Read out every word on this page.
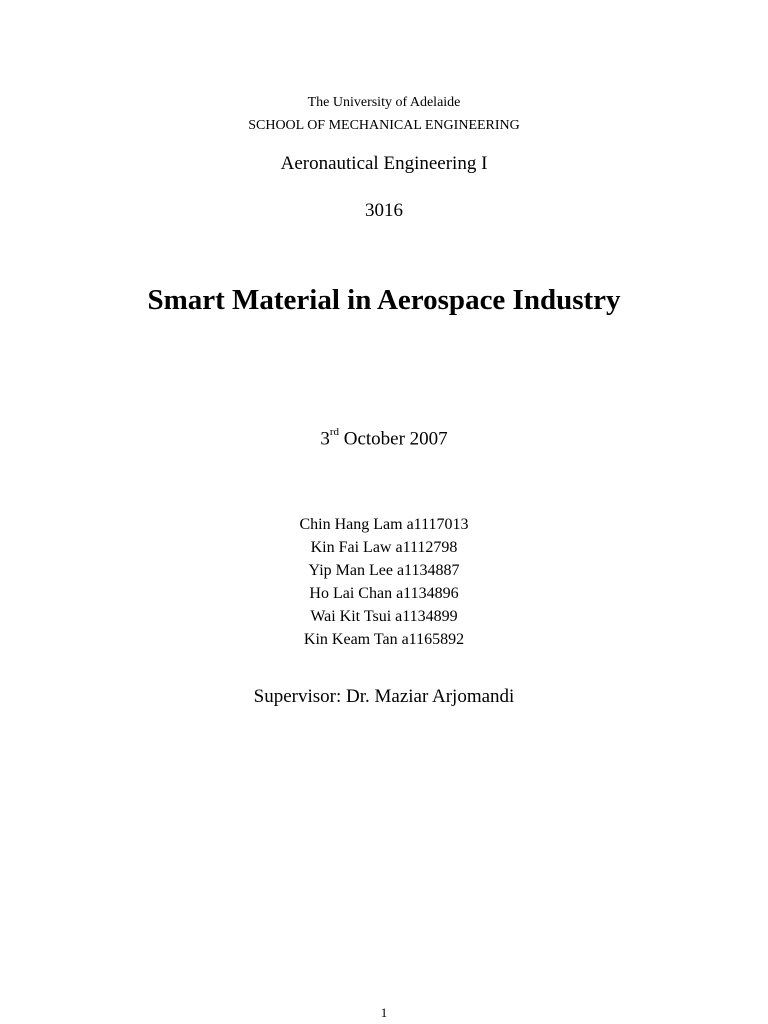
The University of Adelaide
SCHOOL OF MECHANICAL ENGINEERING
Aeronautical Engineering I
3016
Smart Material in Aerospace Industry
3rd October 2007
Chin Hang Lam a1117013
Kin Fai Law a1112798
Yip Man Lee a1134887
Ho Lai Chan a1134896
Wai Kit Tsui a1134899
Kin Keam Tan a1165892
Supervisor: Dr. Maziar Arjomandi
1
